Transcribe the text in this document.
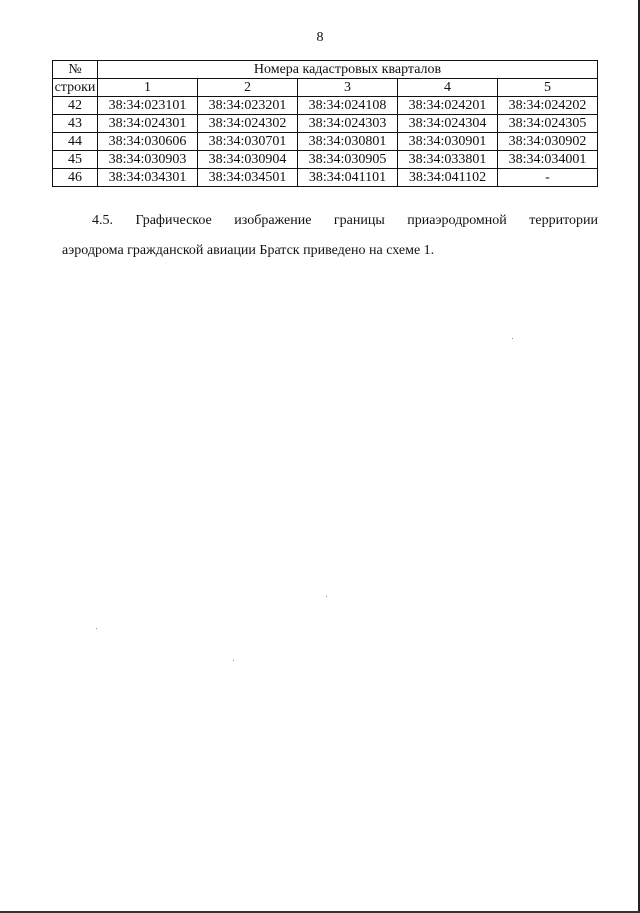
8
№	Номера кадастровых кварталов				
строки	1	2	3	4	5
42	38:34:023101	38:34:023201	38:34:024108	38:34:024201	38:34:024202
43	38:34:024301	38:34:024302	38:34:024303	38:34:024304	38:34:024305
44	38:34:030606	38:34:030701	38:34:030801	38:34:030901	38:34:030902
45	38:34:030903	38:34:030904	38:34:030905	38:34:033801	38:34:034001
46	38:34:034301	38:34:034501	38:34:041101	38:34:041102	-
4.5. Графическое изображение границы приаэродромной территории
аэродрома гражданской авиации Братск приведено на схеме 1.
